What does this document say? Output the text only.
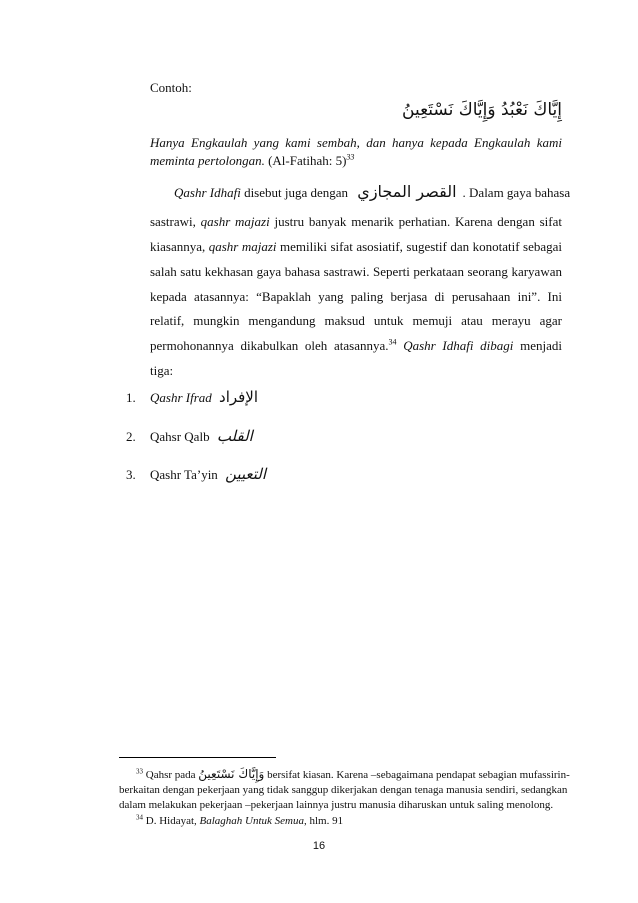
Contoh:
إِيَّاكَ نَعْبُدُ وَإِيَّاكَ نَسْتَعِينُ
Hanya Engkaulah yang kami sembah, dan hanya kepada Engkaulah kami
meminta pertolongan. (Al-Fatihah: 5)$^{33}$
Qashr Idhafi disebut juga dengan القصر المجازي . Dalam gaya bahasa
sastrawi, qashr majazi justru banyak menarik perhatian. Karena dengan sifat
kiasannya, qashr majazi memiliki sifat asosiatif, sugestif dan konotatif sebagai
salah satu kekhasan gaya bahasa sastrawi. Seperti perkataan seorang karyawan
kepada atasannya: “Bapaklah yang paling berjasa di perusahaan ini”. Ini
relatif, mungkin mengandung maksud untuk memuji atau merayu agar
permohonannya dikabulkan oleh atasannya.$^{34}$ Qashr Idhafi dibagi menjadi
tiga:
1. Qashr Ifrad الإفراد
2. Qahsr Qalb القلب
3. Qashr Ta’yin التعيين
$^{33}$ Qahsr pada وَإِيَّاكَ نَسْتَعِينُ bersifat kiasan. Karena –sebagaimana pendapat sebagian mufassirin-
berkaitan dengan pekerjaan yang tidak sanggup dikerjakan dengan tenaga manusia sendiri, sedangkan
dalam melakukan pekerjaan –pekerjaan lainnya justru manusia diharuskan untuk saling menolong.
$^{34}$ D. Hidayat, Balaghah Untuk Semua, hlm. 91
16
